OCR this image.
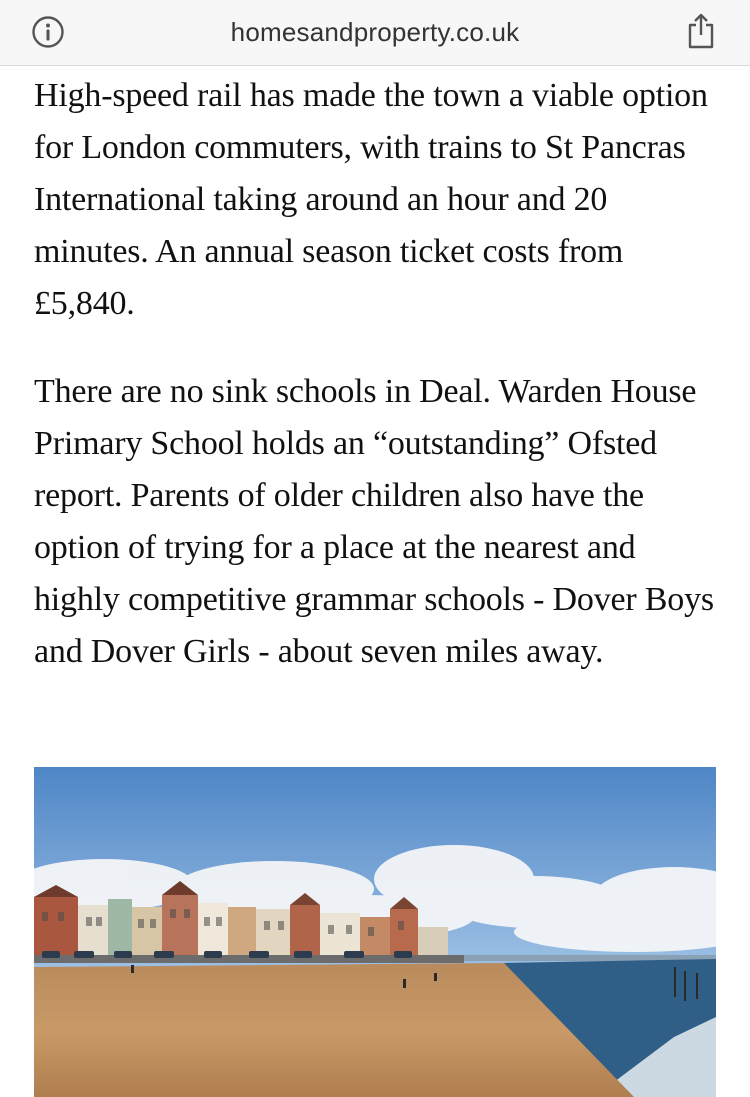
homesandproperty.co.uk

High-speed rail has made the town a viable option for London commuters, with trains to St Pancras International taking around an hour and 20 minutes. An annual season ticket costs from £5,840.

There are no sink schools in Deal. Warden House Primary School holds an “outstanding” Ofsted report. Parents of older children also have the option of trying for a place at the nearest and highly competitive grammar schools - Dover Boys and Dover Girls - about seven miles away.
